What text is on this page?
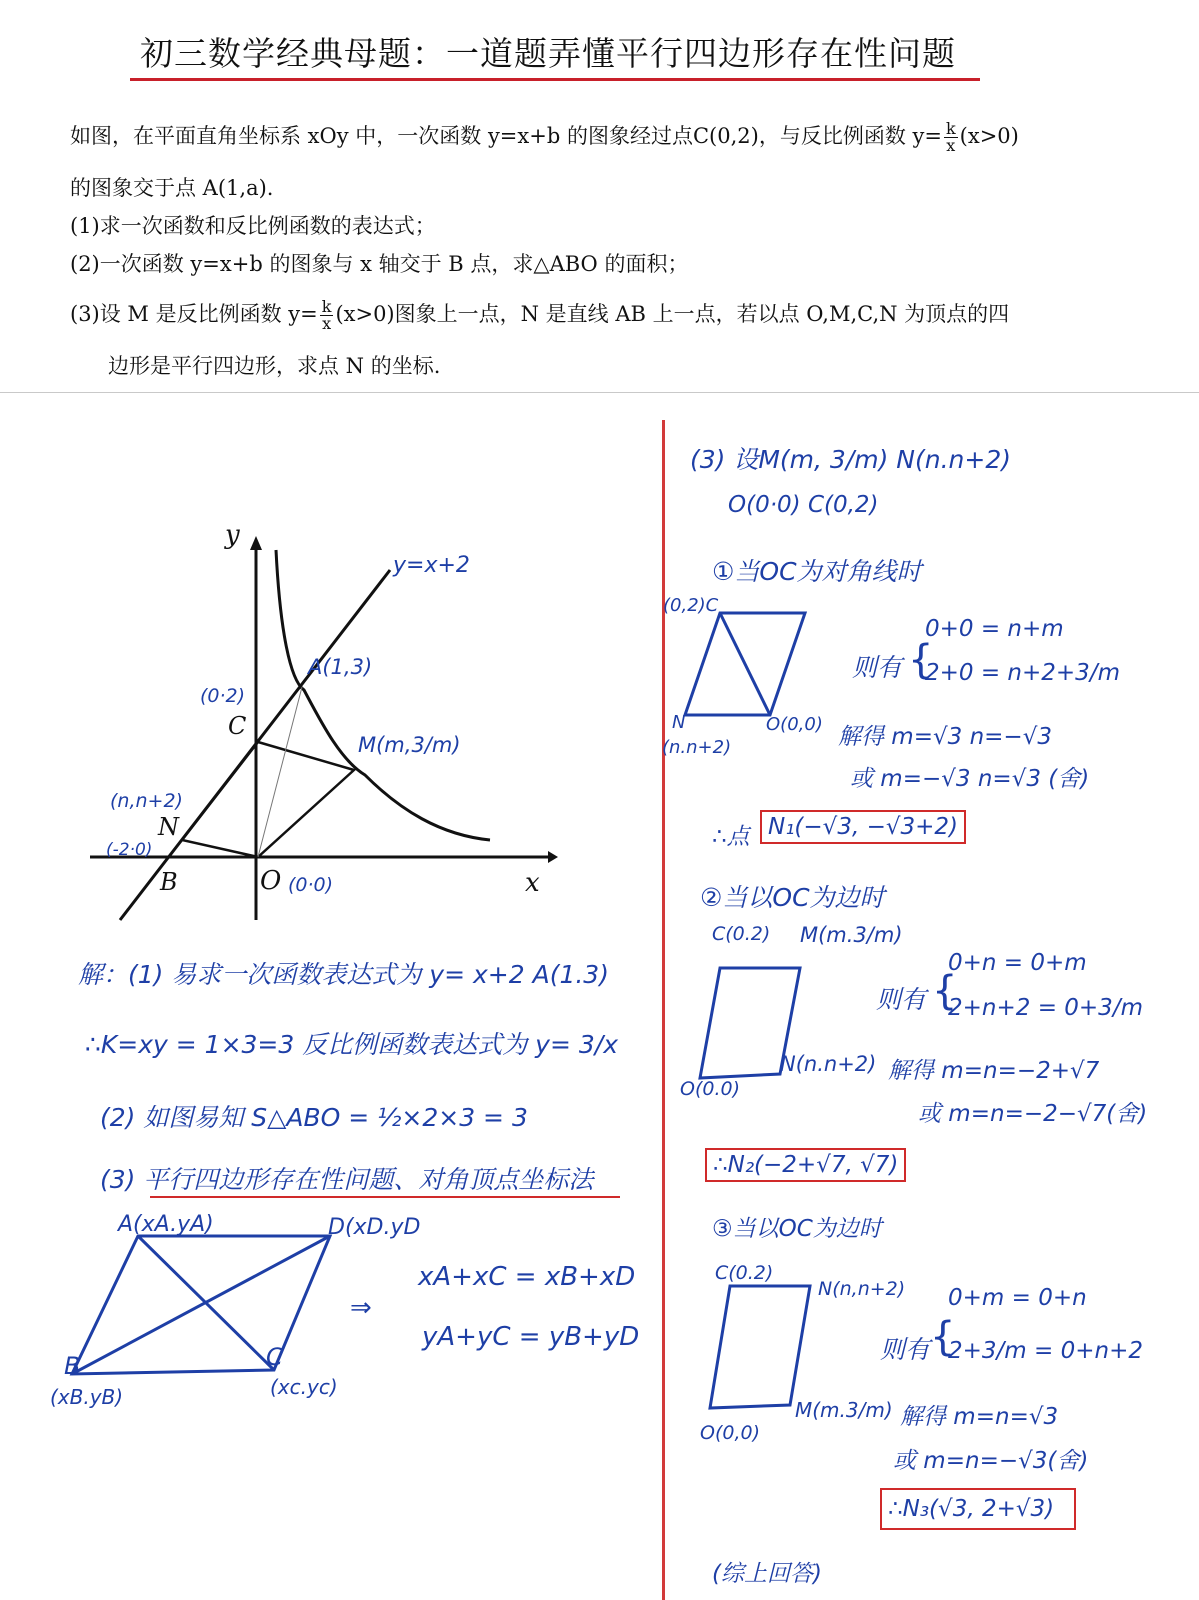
初三数学经典母题：一道题弄懂平行四边形存在性问题
如图，在平面直角坐标系 xOy 中，一次函数 y=x+b 的图象经过点C(0,2)，与反比例函数 $y= \frac{k}{x} (x>0)$
的图象交于点 A(1,a).
(1)求一次函数和反比例函数的表达式；
(2)一次函数 y=x+b 的图象与 x 轴交于 B 点，求△ABO 的面积；
(3)设 M 是反比例函数 $y= \frac{k}{x} (x>0)$图象上一点，N 是直线 AB 上一点，若以点 O,M,C,N 为顶点的四
边形是平行四边形，求点 N 的坐标.
y
x
y=x+2
A(1,3)
(0·2)
C
M(m,3/m)
(n,n+2)
N
(-2·0)
B	O (0·0)
解：(1) 易求一次函数表达式为 y= x+2 A(1.3)
∴K=xy = 1×3=3 反比例函数表达式为 y= 3/x
(2) 如图易知 S△ABO = ½×2×3 = 3
(3) 平行四边形存在性问题、对角顶点坐标法
A(xA.yA)	D(xD.yD
B
(xB.yB)
C
(xc.yc)
⇒
xA+xC = xB+xD
yA+yC = yB+yD
(3) 设M(m, 3/m) N(n.n+2)
O(0·0) C(0,2)
①当OC为对角线时
(0,2)C
N
(n.n+2)
O(0,0)
则有 {
0+0 = n+m
2+0 = n+2+3/m
解得 m=√3 n=−√3
或 m=−√3 n=√3 (舍)
∴点 N₁(−√3, −√3+2)
②当以OC为边时
C(0.2) M(m.3/m)
N(n.n+2)
O(0.0)
则有 {
0+n = 0+m
2+n+2 = 0+3/m
解得 m=n=−2+√7
或 m=n=−2−√7(舍)
∴N₂(−2+√7, √7)
③当以OC为边时
C(0.2)
N(n,n+2)
M(m.3/m)
O(0,0)
则有 {
0+m = 0+n
2+3/m = 0+n+2
解得 m=n=√3
或 m=n=−√3(舍)
∴N₃(√3, 2+√3)
(综上回答)
